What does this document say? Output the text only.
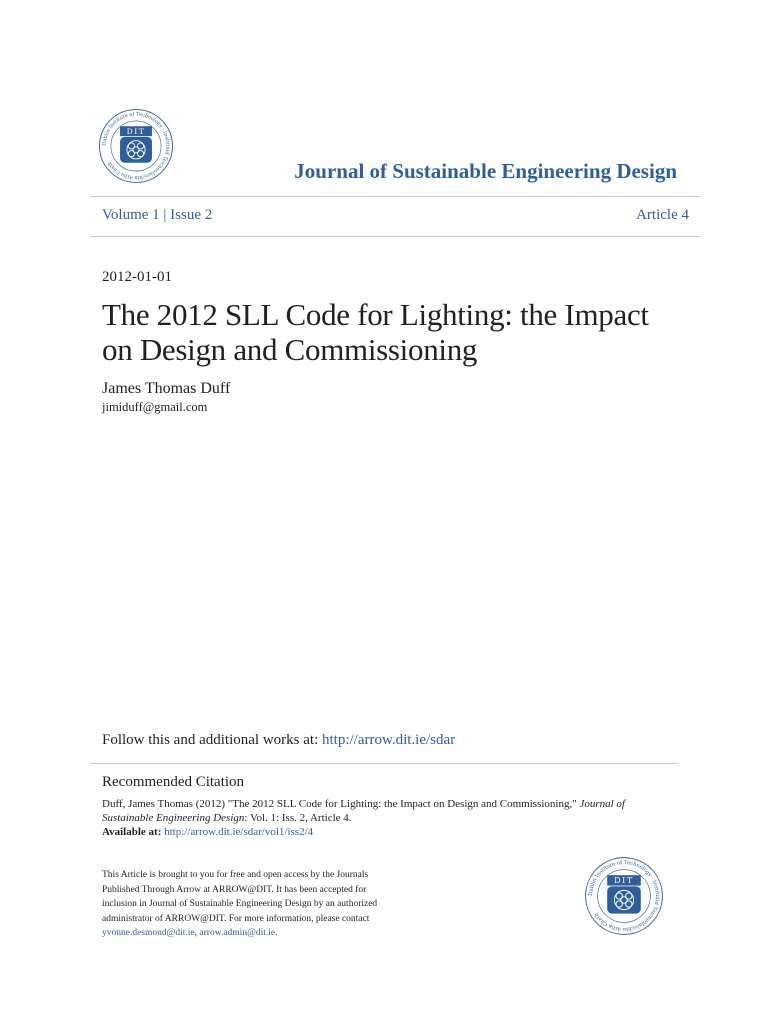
Dublin Institute of Technology · Institiúid Teicneolaíochta Átha Cliath
DIT
Journal of Sustainable Engineering Design
Volume 1 | Issue 2	Article 4
2012-01-01
The 2012 SLL Code for Lighting: the Impact on Design and Commissioning
James Thomas Duff
jimiduff@gmail.com
Follow this and additional works at: http://arrow.dit.ie/sdar
Recommended Citation
Duff, James Thomas (2012) "The 2012 SLL Code for Lighting: the Impact on Design and Commissioning," Journal of Sustainable Engineering Design: Vol. 1: Iss. 2, Article 4.
Available at: http://arrow.dit.ie/sdar/vol1/iss2/4
This Article is brought to you for free and open access by the Journals Published Through Arrow at ARROW@DIT. It has been accepted for inclusion in Journal of Sustainable Engineering Design by an authorized administrator of ARROW@DIT. For more information, please contact
yvonne.desmond@dit.ie, arrow.admin@dit.ie.
Dublin Institute of Technology · Institiúid Teicneolaíochta Átha Cliath
DIT
